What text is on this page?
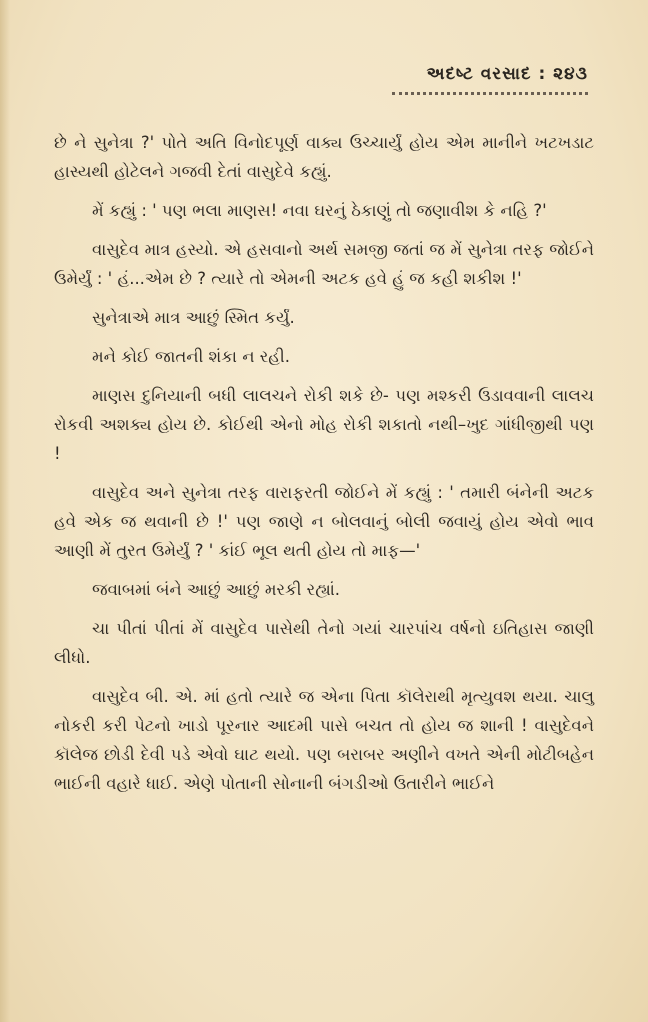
અદષ્ટ વરસાદ : ૨૪૩

છે ને સુનેત્રા ?' પોતે અતિ વિનોદપૂર્ણ વાક્ય ઉચ્ચાર્યું હોય એમ માનીને ખટખડાટ હાસ્યથી હોટેલને ગજવી દેતાં વાસુદેવે કહ્યું.

મેં કહ્યું : ' પણ ભલા માણસ! નવા ઘરનું ઠેકાણું તો જણાવીશ કે નહિ ?'

વાસુદેવ માત્ર હસ્યો. એ હસવાનો અર્થ સમજી જતાં જ મેં સુનેત્રા તરફ જોઈને ઉમેર્યું : ' હં...એમ છે ? ત્યારે તો એમની અટક હવે હું જ કહી શકીશ !'

સુનેત્રાએ માત્ર આછું સ્મિત કર્યું.

મને કોઈ જાતની શંકા ન રહી.

માણસ દુનિયાની બધી લાલચને રોકી શકે છે- પણ મશ્કરી ઉડાવવાની લાલચ રોકવી અશક્ય હોય છે. કોઈથી એનો મોહ રોકી શકાતો નથી–ખુદ ગાંધીજીથી પણ !

વાસુદેવ અને સુનેત્રા તરફ વારાફરતી જોઈને મેં કહ્યું : ' તમારી બંનેની અટક હવે એક જ થવાની છે !' પણ જાણે ન બોલવાનું બોલી જવાયું હોય એવો ભાવ આણી મેં તુરત ઉમેર્યું ? ' કાંઈ ભૂલ થતી હોય તો માફ—'

જવાબમાં બંને આછું આછું મરકી રહ્યાં.

ચા પીતાં પીતાં મેં વાસુદેવ પાસેથી તેનો ગયાં ચારપાંચ વર્ષનો ઇતિહાસ જાણી લીધો.

વાસુદેવ બી. એ. માં હતો ત્યારે જ એના પિતા કૉલેરાથી મૃત્યુવશ થયા. ચાલુ નોકરી કરી પેટનો ખાડો પૂરનાર આદમી પાસે બચત તો હોય જ શાની ! વાસુદેવને કૉલેજ છોડી દેવી પડે એવો ઘાટ થયો. પણ બરાબર અણીને વખતે એની મોટીબહેન ભાઈની વહારે ધાઈ. એણે પોતાની સોનાની બંગડીઓ ઉતારીને ભાઈને
